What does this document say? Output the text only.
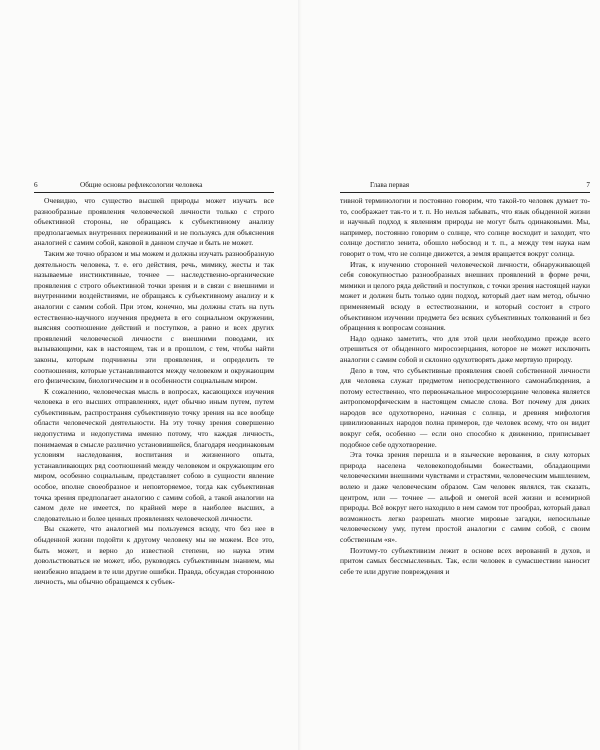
6	Общие основы рефлексологии человека

Очевидно, что существо высшей природы может изучать все разнообразные проявления человеческой личности только с строго объективной стороны, не обращаясь к субъективному анализу предполагаемых внутренних переживаний и не пользуясь для объяснения аналогией с самим собой, каковой в данном случае и быть не может.

Таким же точно образом и мы можем и должны изучать разнообразную деятельность человека, т. е. его действия, речь, мимику, жесты и так называемые инстинктивные, точнее — наследственно-органические проявления с строго объективной точки зрения и в связи с внешними и внутренними воздействиями, не обращаясь к субъективному анализу и к аналогии с самим собой. При этом, конечно, мы должны стать на путь естественно-научного изучения предмета в его социальном окружении, выясняя соотношение действий и поступков, а равно и всех других проявлений человеческой личности с внешними поводами, их вызывающими, как в настоящем, так и в прошлом, с тем, чтобы найти законы, которым подчинены эти проявления, и определить те соотношения, которые устанавливаются между человеком и окружающим его физическим, биологическим и в особенности социальным миром.

К сожалению, человеческая мысль в вопросах, касающихся изучения человека в его высших отправлениях, идет обычно иным путем, путем субъективным, распространяя субъективную точку зрения на все вообще области человеческой деятельности. На эту точку зрения совершенно недопустима и недопустима именно потому, что каждая личность, понимаемая в смысле различно установившейся, благодаря неодинаковым условиям наследования, воспитания и жизненного опыта, устанавливающих ряд соотношений между человеком и окружающим его миром, особенно социальным, представляет собою в сущности явление особое, вполне своеобразное и неповторяемое, тогда как субъективная точка зрения предполагает аналогию с самим собой, а такой аналогии на самом деле не имеется, по крайней мере в наиболее высших, а следовательно и более ценных проявлениях человеческой личности.

Вы скажете, что аналогией мы пользуемся всюду, что без нее в обыденной жизни подойти к другому человеку мы не можем. Все это, быть может, и верно до известной степени, но наука этим довольствоваться не может, ибо, руководясь субъективным знанием, мы неизбежно впадаем в те или другие ошибки. Правда, обсуждая стороннюю личность, мы обычно обращаемся к субъек-

Глава первая	7

тивной терминологии и постоянно говорим, что такой-то человек думает то-то, соображает так-то и т. п. Но нельзя забывать, что язык обыденной жизни и научный подход к явлениям природы не могут быть одинаковыми. Мы, например, постоянно говорим о солнце, что солнце восходит и заходит, что солнце достигло зенита, обошло небосвод и т. п., а между тем наука нам говорит о том, что не солнце движется, а земля вращается вокруг солнца.

Итак, к изучению сторонней человеческой личности, обнаруживающей себя совокупностью разнообразных внешних проявлений в форме речи, мимики и целого ряда действий и поступков, с точки зрения настоящей науки может и должен быть только один подход, который дает нам метод, обычно применяемый всюду в естествознании, и который состоит в строго объективном изучении предмета без всяких субъективных толкований и без обращения к вопросам сознания.

Надо однако заметить, что для этой цели необходимо прежде всего отрешиться от обыденного миросозерцания, которое не может исключить аналогии с самим собой и склонно одухотворять даже мертвую природу.

Дело в том, что субъективные проявления своей собственной личности для человека служат предметом непосредственного самонаблюдения, а потому естественно, что первоначальное миросозерцание человека является антропоморфическим в настоящем смысле слова. Вот почему для диких народов все одухотворено, начиная с солнца, и древняя мифология цивилизованных народов полна примеров, где человек всему, что он видит вокруг себя, особенно — если оно способно к движению, приписывает подобное себе одухотворение.

Эта точка зрения перешла и в языческие верования, в силу которых природа населена человекоподобными божествами, обладающими человеческими внешними чувствами и страстями, человеческим мышлением, волею и даже человеческим образом. Сам человек являлся, так сказать, центром, или — точнее — альфой и омегой всей жизни и всемирной природы. Всё вокруг него находило в нем самом тот прообраз, который давал возможность легко разрешать многие мировые загадки, непосильные человеческому уму, путем простой аналогии с самим собой, с своим собственным «я».

Поэтому-то субъективизм лежит в основе всех верований в духов, и притом самых бессмысленных. Так, если человек в сумасшествии наносит себе те или другие повреждения и
